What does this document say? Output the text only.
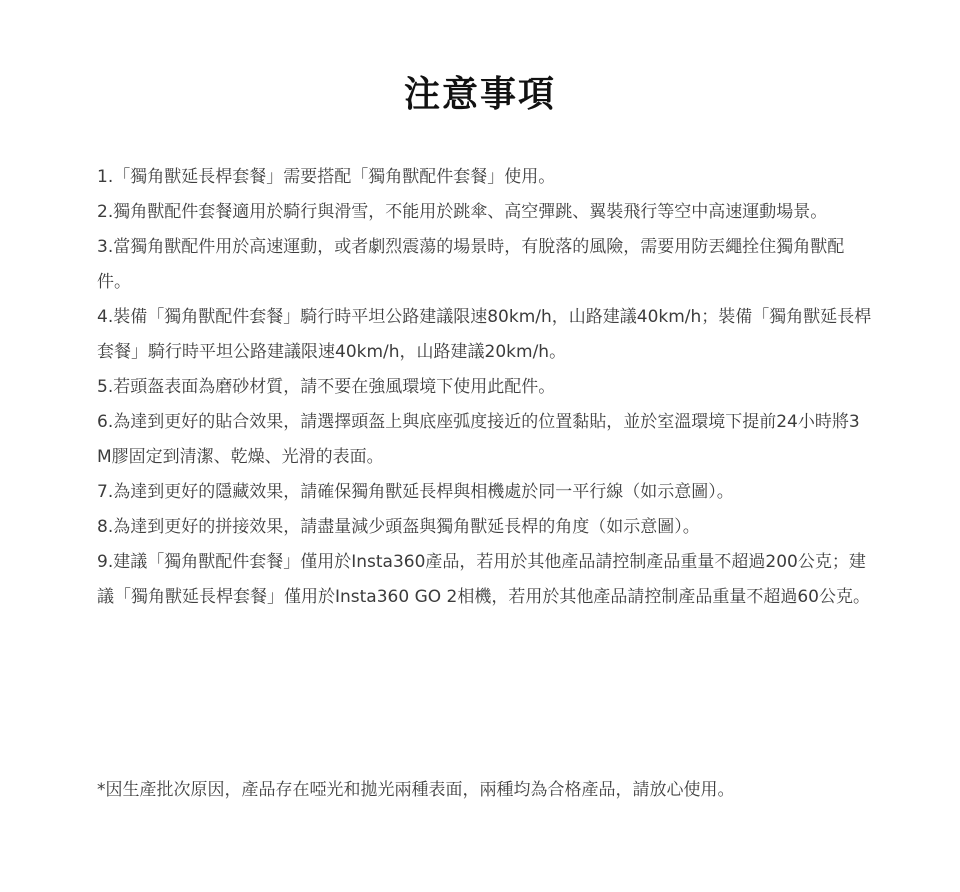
注意事項

1.「獨角獸延長桿套餐」需要搭配「獨角獸配件套餐」使用。

2.獨角獸配件套餐適用於騎行與滑雪，不能用於跳傘、高空彈跳、翼裝飛行等空中高速運動場景。

3.當獨角獸配件用於高速運動，或者劇烈震蕩的場景時，有脫落的風險，需要用防丟繩拴住獨角獸配件。

4.裝備「獨角獸配件套餐」騎行時平坦公路建議限速80km/h，山路建議40km/h；裝備「獨角獸延長桿套餐」騎行時平坦公路建議限速40km/h，山路建議20km/h。

5.若頭盔表面為磨砂材質，請不要在強風環境下使用此配件。

6.為達到更好的貼合效果，請選擇頭盔上與底座弧度接近的位置黏貼，並於室溫環境下提前24小時將3M膠固定到清潔、乾燥、光滑的表面。

7.為達到更好的隱藏效果，請確保獨角獸延長桿與相機處於同一平行線（如示意圖）。

8.為達到更好的拼接效果，請盡量減少頭盔與獨角獸延長桿的角度（如示意圖）。

9.建議「獨角獸配件套餐」僅用於Insta360產品，若用於其他產品請控制產品重量不超過200公克；建議「獨角獸延長桿套餐」僅用於Insta360 GO 2相機，若用於其他產品請控制產品重量不超過60公克。

*因生產批次原因，產品存在啞光和拋光兩種表面，兩種均為合格產品，請放心使用。
